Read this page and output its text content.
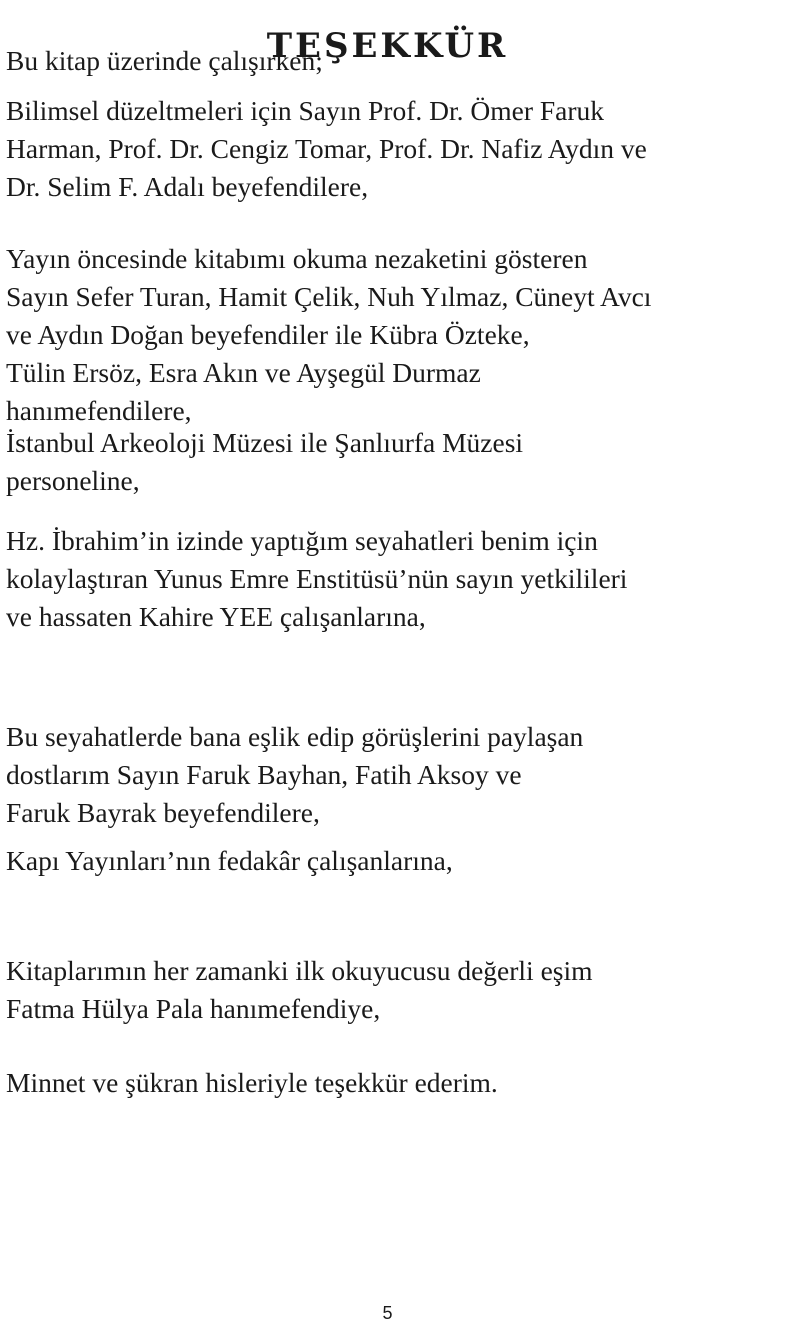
TEŞEKKÜR
Bu kitap üzerinde çalışırken;
Bilimsel düzeltmeleri için Sayın Prof. Dr. Ömer Faruk
Harman, Prof. Dr. Cengiz Tomar, Prof. Dr. Nafiz Aydın ve
Dr. Selim F. Adalı beyefendilere,
Yayın öncesinde kitabımı okuma nezaketini gösteren
Sayın Sefer Turan, Hamit Çelik, Nuh Yılmaz, Cüneyt Avcı
ve Aydın Doğan beyefendiler ile Kübra Özteke,
Tülin Ersöz, Esra Akın ve Ayşegül Durmaz
hanımefendilere,
İstanbul Arkeoloji Müzesi ile Şanlıurfa Müzesi
personeline,
Hz. İbrahim’in izinde yaptığım seyahatleri benim için
kolaylaştıran Yunus Emre Enstitüsü’nün sayın yetkilileri
ve hassaten Kahire YEE çalışanlarına,
Bu seyahatlerde bana eşlik edip görüşlerini paylaşan
dostlarım Sayın Faruk Bayhan, Fatih Aksoy ve
Faruk Bayrak beyefendilere,
Kapı Yayınları’nın fedakâr çalışanlarına,
Kitaplarımın her zamanki ilk okuyucusu değerli eşim
Fatma Hülya Pala hanımefendiye,
Minnet ve şükran hisleriyle teşekkür ederim.
5
